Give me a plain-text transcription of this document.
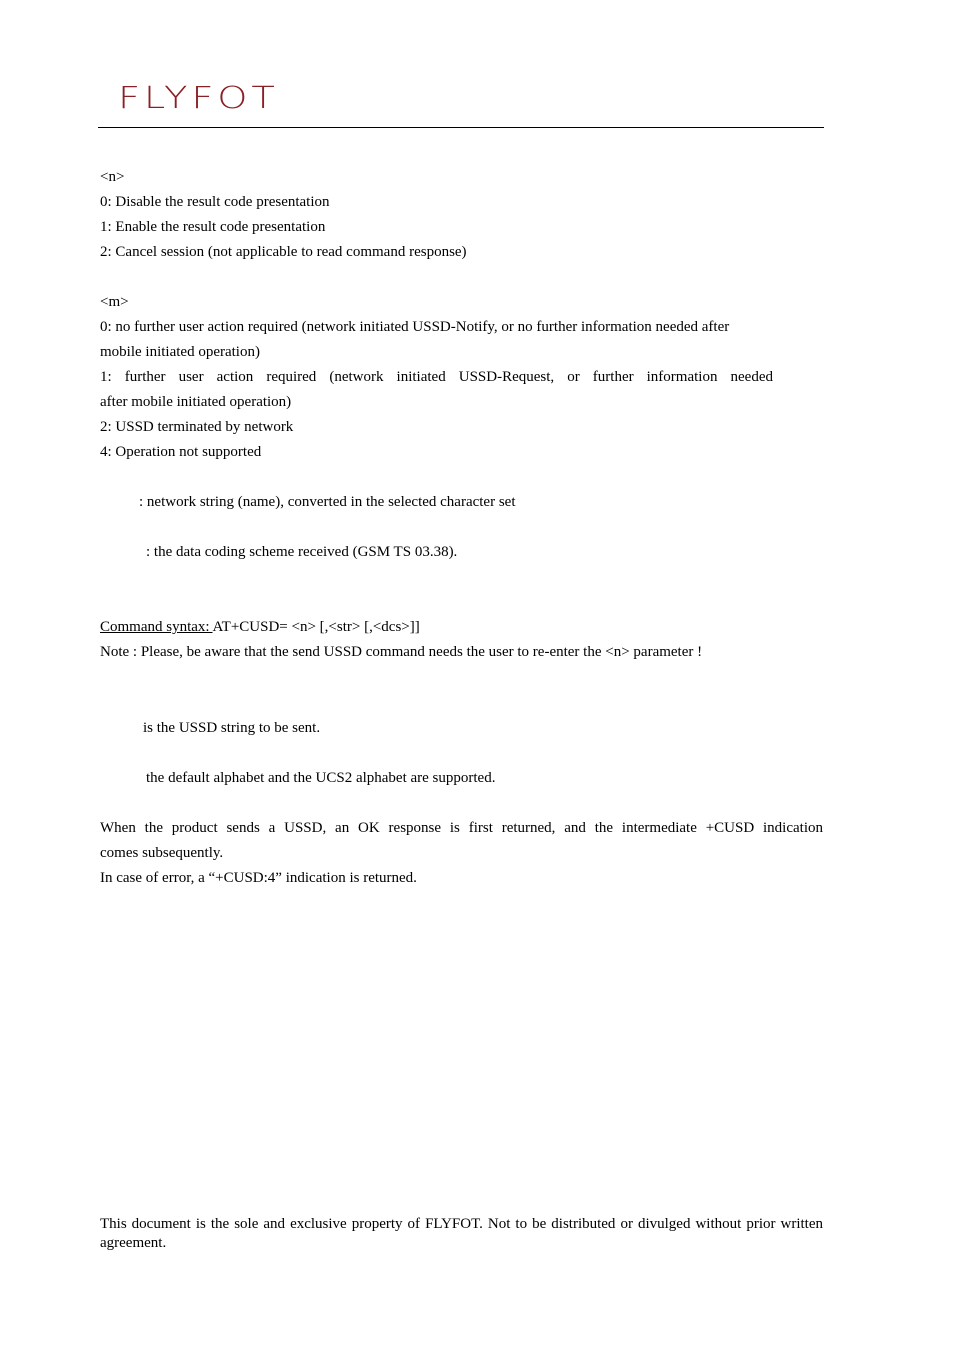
FLYFOT
<n>
0: Disable the result code presentation
1: Enable the result code presentation
2: Cancel session (not applicable to read command response)
<m>
0: no further user action required (network initiated USSD-Notify, or no further information needed after
mobile initiated operation)
1: further user action required (network initiated USSD-Request, or further information needed
after mobile initiated operation)
2: USSD terminated by network
4: Operation not supported
: network string (name), converted in the selected character set
: the data coding scheme received (GSM TS 03.38).
Command syntax: AT+CUSD= <n> [,<str> [,<dcs>]]
Note : Please, be aware that the send USSD command needs the user to re-enter the <n> parameter !
is the USSD string to be sent.
the default alphabet and the UCS2 alphabet are supported.
When the product sends a USSD, an OK response is first returned, and the intermediate +CUSD indication
comes subsequently.
In case of error, a “+CUSD:4” indication is returned.
This document is the sole and exclusive property of FLYFOT. Not to be distributed or divulged without prior written agreement.
